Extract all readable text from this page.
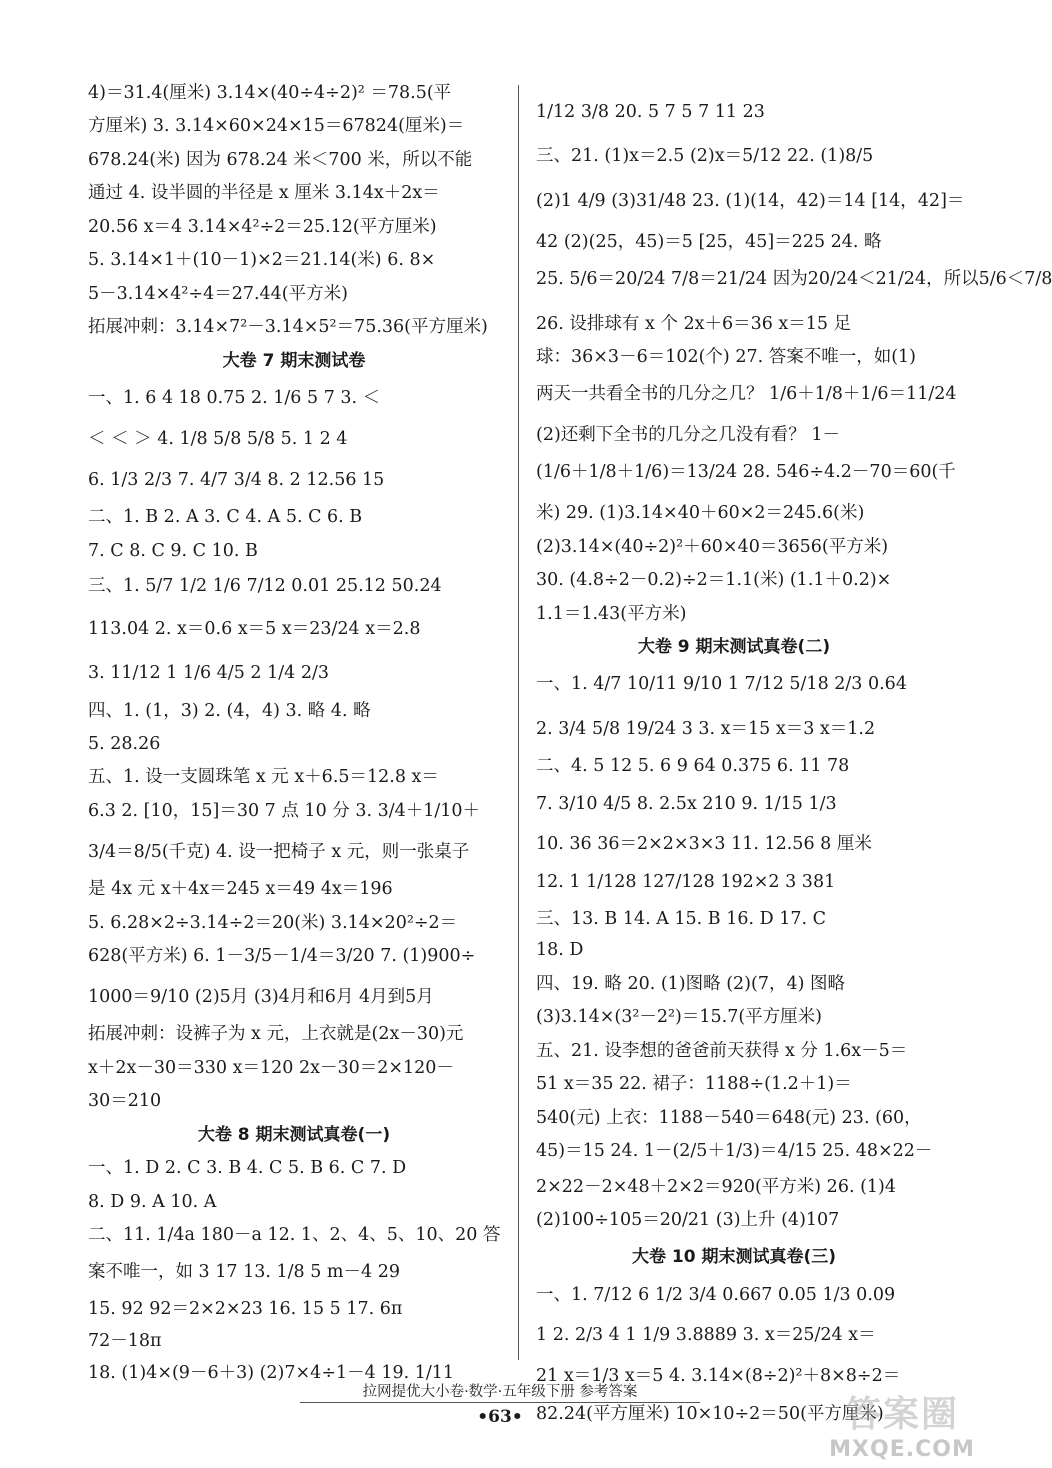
4)＝31.4(厘米) 3.14×(40÷4÷2)² ＝78.5(平
方厘米) 3. 3.14×60×24×15＝67824(厘米)＝
678.24(米) 因为 678.24 米＜700 米，所以不能
通过 4. 设半圆的半径是 x 厘米 3.14x＋2x＝
20.56 x＝4 3.14×4²÷2＝25.12(平方厘米)
5. 3.14×1＋(10－1)×2＝21.14(米) 6. 8×
5－3.14×4²÷4＝27.44(平方米)
拓展冲刺：3.14×7²－3.14×5²＝75.36(平方厘米)
大卷 7 期末测试卷
一、1. 6 4 18 0.75 2. 1/6 5 7 3. ＜
＜ ＜ ＞ 4. 1/8 5/8 5/8 5. 1 2 4
6. 1/3 2/3 7. 4/7 3/4 8. 2 12.56 15
二、1. B 2. A 3. C 4. A 5. C 6. B
7. C 8. C 9. C 10. B
三、1. 5/7 1/2 1/6 7/12 0.01 25.12 50.24
113.04 2. x＝0.6 x＝5 x＝23/24 x＝2.8
3. 11/12 1 1/6 4/5 2 1/4 2/3
四、1. (1，3) 2. (4，4) 3. 略 4. 略
5. 28.26
五、1. 设一支圆珠笔 x 元 x＋6.5＝12.8 x＝
6.3 2. [10，15]＝30 7 点 10 分 3. 3/4＋1/10＋
3/4＝8/5(千克) 4. 设一把椅子 x 元，则一张桌子
是 4x 元 x＋4x＝245 x＝49 4x＝196
5. 6.28×2÷3.14÷2＝20(米) 3.14×20²÷2＝
628(平方米) 6. 1－3/5－1/4＝3/20 7. (1)900÷
1000＝9/10 (2)5月 (3)4月和6月 4月到5月
拓展冲刺：设裤子为 x 元，上衣就是(2x－30)元
x＋2x－30＝330 x＝120 2x－30＝2×120－
30＝210
大卷 8 期末测试真卷(一)
一、1. D 2. C 3. B 4. C 5. B 6. C 7. D
8. D 9. A 10. A
二、11. 1/4a 180－a 12. 1、2、4、5、10、20 答
案不唯一，如 3 17 13. 1/8 5 m－4 29
15. 92 92＝2×2×23 16. 15 5 17. 6π
72－18π
18. (1)4×(9－6＋3) (2)7×4÷1－4 19. 1/11
1/12 3/8 20. 5 7 5 7 11 23
三、21. (1)x＝2.5 (2)x＝5/12 22. (1)8/5
(2)1 4/9 (3)31/48 23. (1)(14，42)＝14 [14，42]＝
42 (2)(25，45)＝5 [25，45]＝225 24. 略
25. 5/6＝20/24 7/8＝21/24 因为20/24＜21/24，所以5/6＜7/8
26. 设排球有 x 个 2x＋6＝36 x＝15 足
球：36×3－6＝102(个) 27. 答案不唯一，如(1)
两天一共看全书的几分之几？ 1/6＋1/8＋1/6＝11/24
(2)还剩下全书的几分之几没有看？ 1－
(1/6＋1/8＋1/6)＝13/24 28. 546÷4.2－70＝60(千
米) 29. (1)3.14×40＋60×2＝245.6(米)
(2)3.14×(40÷2)²＋60×40＝3656(平方米)
30. (4.8÷2－0.2)÷2＝1.1(米) (1.1＋0.2)×
1.1＝1.43(平方米)
大卷 9 期末测试真卷(二)
一、1. 4/7 10/11 9/10 1 7/12 5/18 2/3 0.64
2. 3/4 5/8 19/24 3 3. x＝15 x＝3 x＝1.2
二、4. 5 12 5. 6 9 64 0.375 6. 11 78
7. 3/10 4/5 8. 2.5x 210 9. 1/15 1/3
10. 36 36＝2×2×3×3 11. 12.56 8 厘米
12. 1 1/128 127/128 192×2 3 381
三、13. B 14. A 15. B 16. D 17. C
18. D
四、19. 略 20. (1)图略 (2)(7，4) 图略
(3)3.14×(3²－2²)＝15.7(平方厘米)
五、21. 设李想的爸爸前天获得 x 分 1.6x－5＝
51 x＝35 22. 裙子：1188÷(1.2＋1)＝
540(元) 上衣：1188－540＝648(元) 23. (60，
45)＝15 24. 1－(2/5＋1/3)＝4/15 25. 48×22－
2×22－2×48＋2×2＝920(平方米) 26. (1)4
(2)100÷105＝20/21 (3)上升 (4)107
大卷 10 期末测试真卷(三)
一、1. 7/12 6 1/2 3/4 0.667 0.05 1/3 0.09
1 2. 2/3 4 1 1/9 3.8889 3. x＝25/24 x＝
21 x＝1/3 x＝5 4. 3.14×(8÷2)²＋8×8÷2＝
82.24(平方厘米) 10×10÷2＝50(平方厘米)
拉网提优大小卷·数学·五年级下册 参考答案
•63•	答案圈
MXQE.COM
